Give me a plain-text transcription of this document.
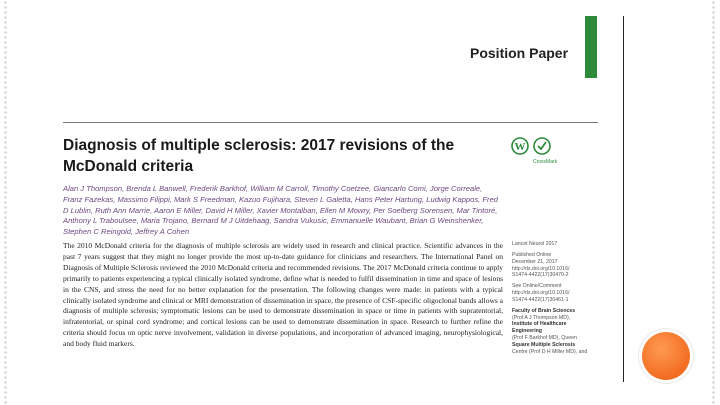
Position Paper
Diagnosis of multiple sclerosis: 2017 revisions of the McDonald criteria
W
CrossMark
Alan J Thompson, Brenda L Banwell, Frederik Barkhof, William M Carroll, Timothy Coetzee, Giancarlo Comi, Jorge Correale, Franz Fazekas, Massimo Filippi, Mark S Freedman, Kazuo Fujihara, Steven L Galetta, Hans Peter Hartung, Ludwig Kappos, Fred D Lublin, Ruth Ann Marrie, Aaron E Miller, David H Miller, Xavier Montalban, Ellen M Mowry, Per Soelberg Sorensen, Mar Tintoré, Anthony L Traboulsee, Maria Trojano, Bernard M J Uitdehaag, Sandra Vukusic, Emmanuelle Waubant, Brian G Weinshenker, Stephen C Reingold, Jeffrey A Cohen
The 2010 McDonald criteria for the diagnosis of multiple sclerosis are widely used in research and clinical practice. Scientific advances in the past 7 years suggest that they might no longer provide the most up-to-date guidance for clinicians and researchers. The International Panel on Diagnosis of Multiple Sclerosis reviewed the 2010 McDonald criteria and recommended revisions. The 2017 McDonald criteria continue to apply primarily to patients experiencing a typical clinically isolated syndrome, define what is needed to fulfil dissemination in time and space of lesions in the CNS, and stress the need for no better explanation for the presentation. The following changes were made: in patients with a typical clinically isolated syndrome and clinical or MRI demonstration of dissemination in space, the presence of CSF-specific oligoclonal bands allows a diagnosis of multiple sclerosis; symptomatic lesions can be used to demonstrate dissemination in space or time in patients with supratentorial, infratentorial, or spinal cord syndrome; and cortical lesions can be used to demonstrate dissemination in space. Research to further refine the criteria should focus on optic nerve involvement, validation in diverse populations, and incorporation of advanced imaging, neurophysiological, and body fluid markers.
Lancet Neurol 2017
Published Online
December 21, 2017
http://dx.doi.org/10.1016/
S1474-4422(17)30470-2
See Online/Comment
http://dx.doi.org/10.1016/
S1474-4422(17)30461-1
Faculty of Brain Sciences
(Prof A J Thompson MD),
Institute of Healthcare
Engineering
(Prof F Barkhof MD), Queen
Square Multiple Sclerosis
Centre (Prof D H Miller MD), and
